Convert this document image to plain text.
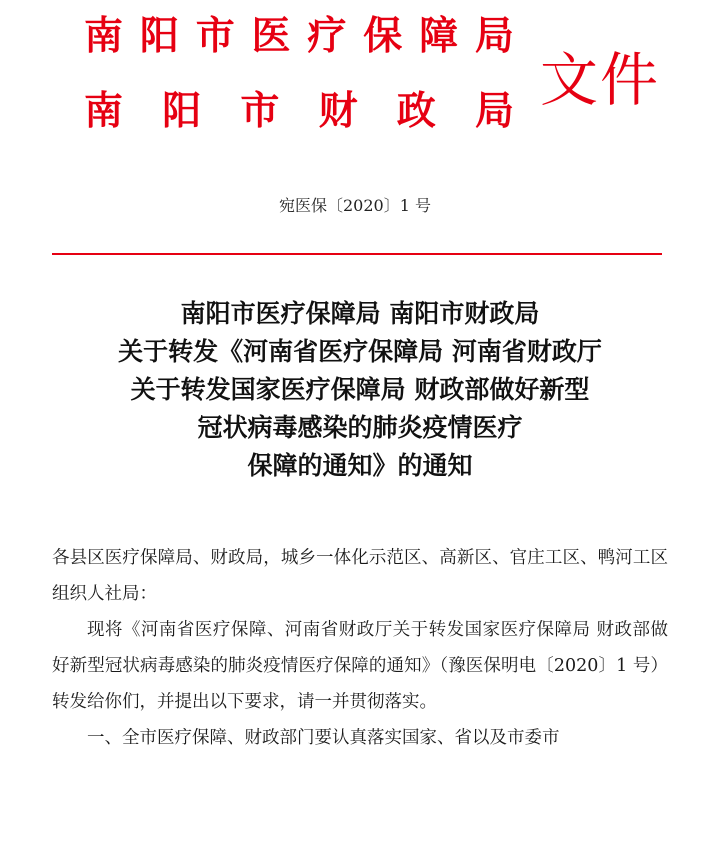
南 阳 市 医 疗 保 障 局
南 阳 市 财 政 局 文件
宛医保〔2020〕1 号
南阳市医疗保障局 南阳市财政局
关于转发《河南省医疗保障局 河南省财政厅
关于转发国家医疗保障局 财政部做好新型
冠状病毒感染的肺炎疫情医疗
保障的通知》的通知

各县区医疗保障局、财政局，城乡一体化示范区、高新区、官庄工区、鸭河工区组织人社局：

现将《河南省医疗保障、河南省财政厅关于转发国家医疗保障局 财政部做好新型冠状病毒感染的肺炎疫情医疗保障的通知》（豫医保明电〔2020〕1 号）转发给你们，并提出以下要求，请一并贯彻落实。

一、全市医疗保障、财政部门要认真落实国家、省以及市委市
